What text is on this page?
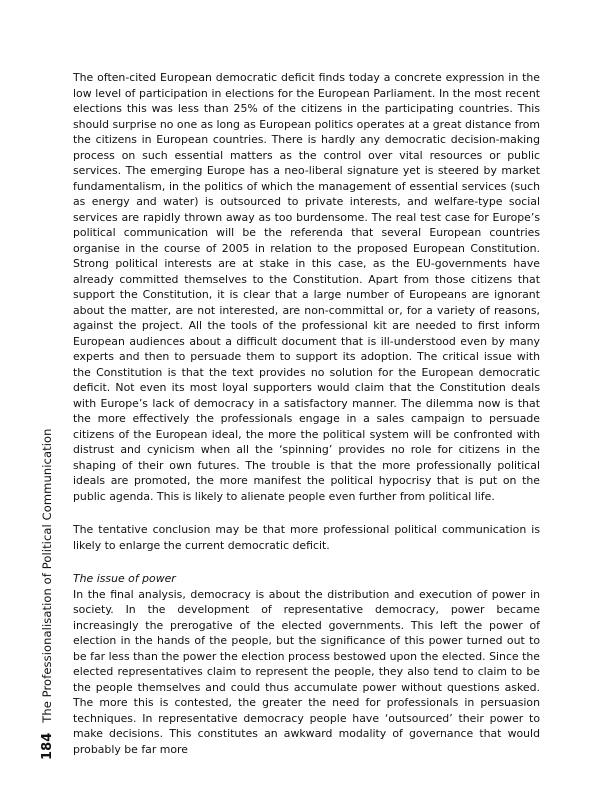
184 The Professionalisation of Political Communication

The often-cited European democratic deficit finds today a concrete expression in the low level of participation in elections for the European Parliament. In the most recent elections this was less than 25% of the citizens in the participating countries. This should surprise no one as long as European politics operates at a great distance from the citizens in European countries. There is hardly any democratic decision-making process on such essential matters as the control over vital resources or public services. The emerging Europe has a neo-liberal signature yet is steered by market fundamentalism, in the politics of which the management of essential services (such as energy and water) is outsourced to private interests, and welfare-type social services are rapidly thrown away as too burdensome. The real test case for Europe’s political communication will be the referenda that several European countries organise in the course of 2005 in relation to the proposed European Constitution. Strong political interests are at stake in this case, as the EU-governments have already committed themselves to the Constitution. Apart from those citizens that support the Constitution, it is clear that a large number of Europeans are ignorant about the matter, are not interested, are non-committal or, for a variety of reasons, against the project. All the tools of the professional kit are needed to first inform European audiences about a difficult document that is ill-understood even by many experts and then to persuade them to support its adoption. The critical issue with the Constitution is that the text provides no solution for the European democratic deficit. Not even its most loyal supporters would claim that the Constitution deals with Europe’s lack of democracy in a satisfactory manner. The dilemma now is that the more effectively the professionals engage in a sales campaign to persuade citizens of the European ideal, the more the political system will be confronted with distrust and cynicism when all the ‘spinning’ provides no role for citizens in the shaping of their own futures. The trouble is that the more professionally political ideals are promoted, the more manifest the political hypocrisy that is put on the public agenda. This is likely to alienate people even further from political life.

The tentative conclusion may be that more professional political communication is likely to enlarge the current democratic deficit.

The issue of power

In the final analysis, democracy is about the distribution and execution of power in society. In the development of representative democracy, power became increasingly the prerogative of the elected governments. This left the power of election in the hands of the people, but the significance of this power turned out to be far less than the power the election process bestowed upon the elected. Since the elected representatives claim to represent the people, they also tend to claim to be the people themselves and could thus accumulate power without questions asked. The more this is contested, the greater the need for professionals in persuasion techniques. In representative democracy people have ‘outsourced’ their power to make decisions. This constitutes an awkward modality of governance that would probably be far more
